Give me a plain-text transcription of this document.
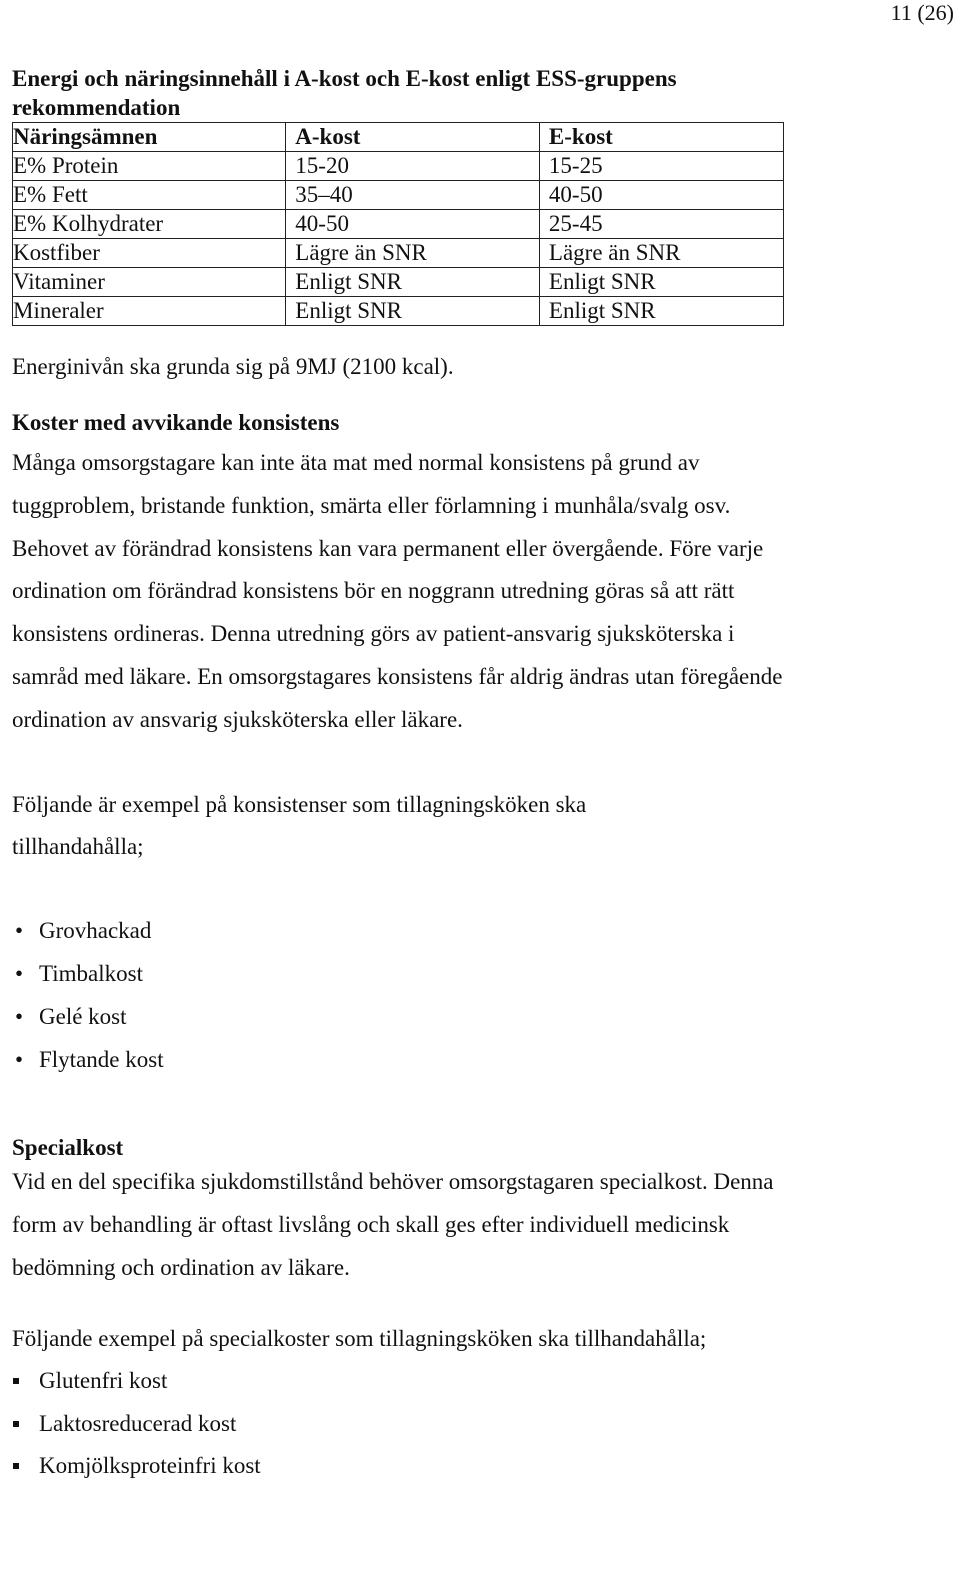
11 (26)

Energi och näringsinnehåll i A-kost och E-kost enligt ESS-gruppens rekommendation

Näringsämnen	A-kost	E-kost
E% Protein	15-20	15-25
E% Fett	35–40	40-50
E% Kolhydrater	40-50	25-45
Kostfiber	Lägre än SNR	Lägre än SNR
Vitaminer	Enligt SNR	Enligt SNR
Mineraler	Enligt SNR	Enligt SNR

Energinivån ska grunda sig på 9MJ (2100 kcal).

Koster med avvikande konsistens

Många omsorgstagare kan inte äta mat med normal konsistens på grund av tuggproblem, bristande funktion, smärta eller förlamning i munhåla/svalg osv. Behovet av förändrad konsistens kan vara permanent eller övergående. Före varje ordination om förändrad konsistens bör en noggrann utredning göras så att rätt konsistens ordineras. Denna utredning görs av patient-ansvarig sjuksköterska i samråd med läkare. En omsorgstagares konsistens får aldrig ändras utan föregående ordination av ansvarig sjuksköterska eller läkare.

Följande är exempel på konsistenser som tillagningsköken ska tillhandahålla;

• Grovhackad
• Timbalkost
• Gelé kost
• Flytande kost

Specialkost

Vid en del specifika sjukdomstillstånd behöver omsorgstagaren specialkost. Denna form av behandling är oftast livslång och skall ges efter individuell medicinsk bedömning och ordination av läkare.

Följande exempel på specialkoster som tillagningsköken ska tillhandahålla;

Glutenfri kost
Laktosreducerad kost
Komjölksproteinfri kost
